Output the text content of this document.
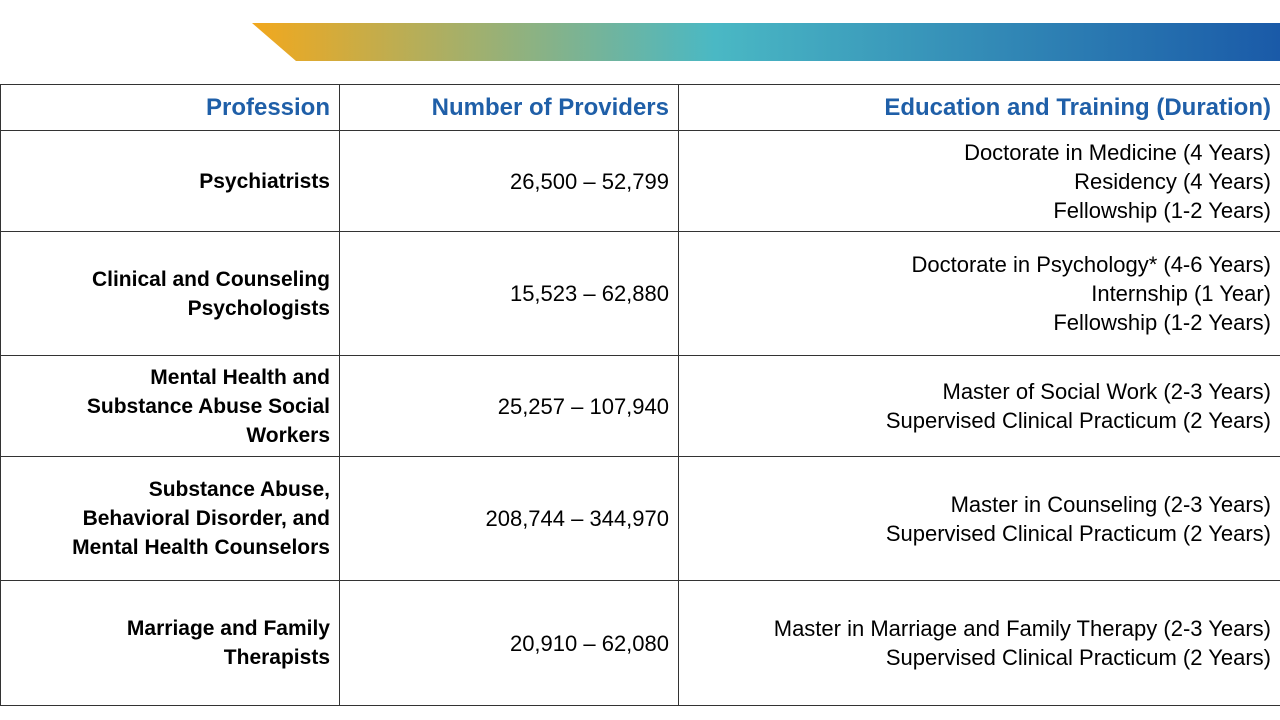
Profession	Number of Providers	Education and Training (Duration)

Psychiatrists	26,500 – 52,799	Doctorate in Medicine (4 Years)
Residency (4 Years)
Fellowship (1-2 Years)

Clinical and Counseling
Psychologists	15,523 – 62,880	Doctorate in Psychology* (4-6 Years)
Internship (1 Year)
Fellowship (1-2 Years)

Mental Health and
Substance Abuse Social
Workers	25,257 – 107,940	Master of Social Work (2-3 Years)
Supervised Clinical Practicum (2 Years)

Substance Abuse,
Behavioral Disorder, and
Mental Health Counselors	208,744 – 344,970	Master in Counseling (2-3 Years)
Supervised Clinical Practicum (2 Years)

Marriage and Family
Therapists	20,910 – 62,080	Master in Marriage and Family Therapy (2-3 Years)
Supervised Clinical Practicum (2 Years)
